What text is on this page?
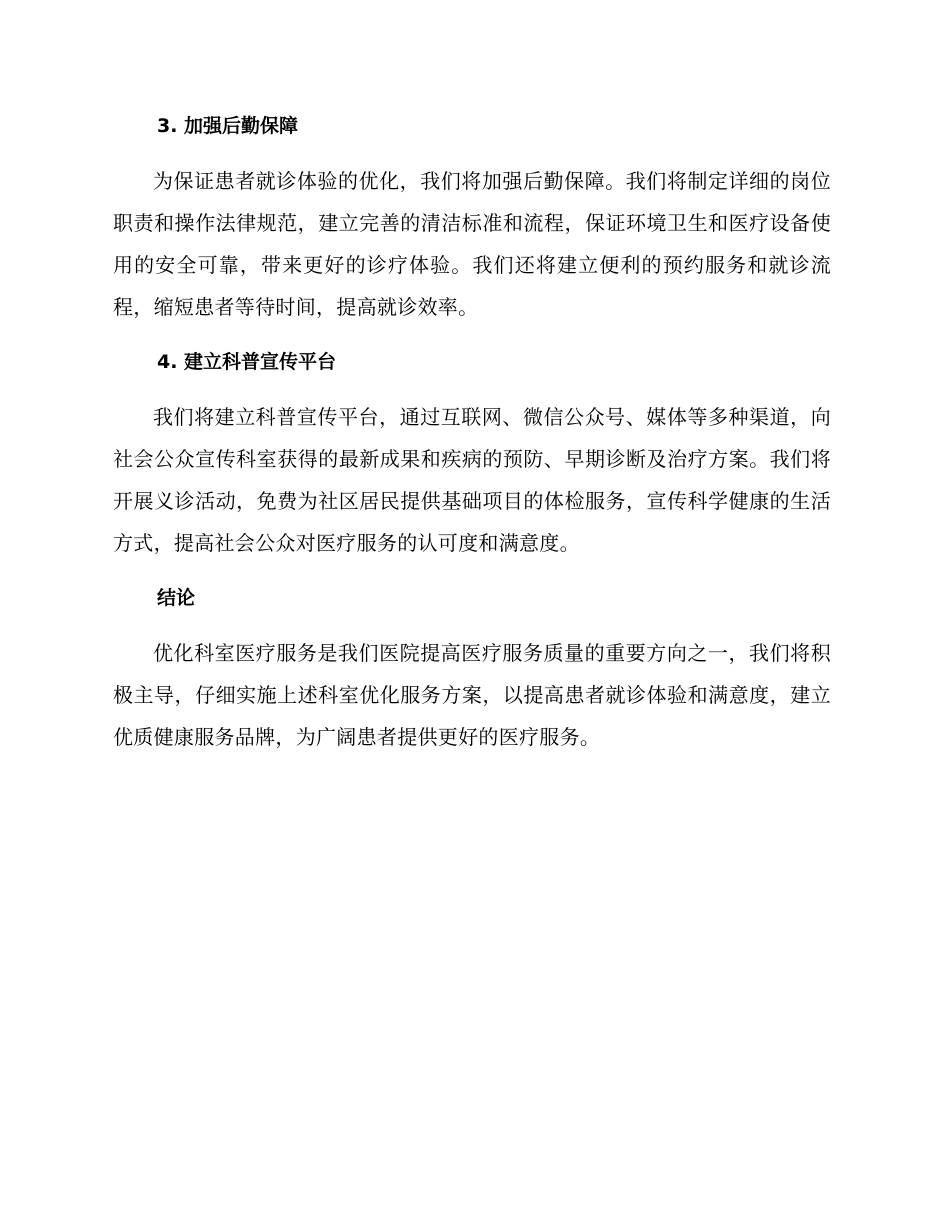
3. 加强后勤保障

为保证患者就诊体验的优化，我们将加强后勤保障。我们将制定详细的岗位职责和操作法律规范，建立完善的清洁标准和流程，保证环境卫生和医疗设备使用的安全可靠，带来更好的诊疗体验。我们还将建立便利的预约服务和就诊流程，缩短患者等待时间，提高就诊效率。

4. 建立科普宣传平台

我们将建立科普宣传平台，通过互联网、微信公众号、媒体等多种渠道，向社会公众宣传科室获得的最新成果和疾病的预防、早期诊断及治疗方案。我们将开展义诊活动，免费为社区居民提供基础项目的体检服务，宣传科学健康的生活方式，提高社会公众对医疗服务的认可度和满意度。

结论

优化科室医疗服务是我们医院提高医疗服务质量的重要方向之一，我们将积极主导，仔细实施上述科室优化服务方案，以提高患者就诊体验和满意度，建立优质健康服务品牌，为广阔患者提供更好的医疗服务。
